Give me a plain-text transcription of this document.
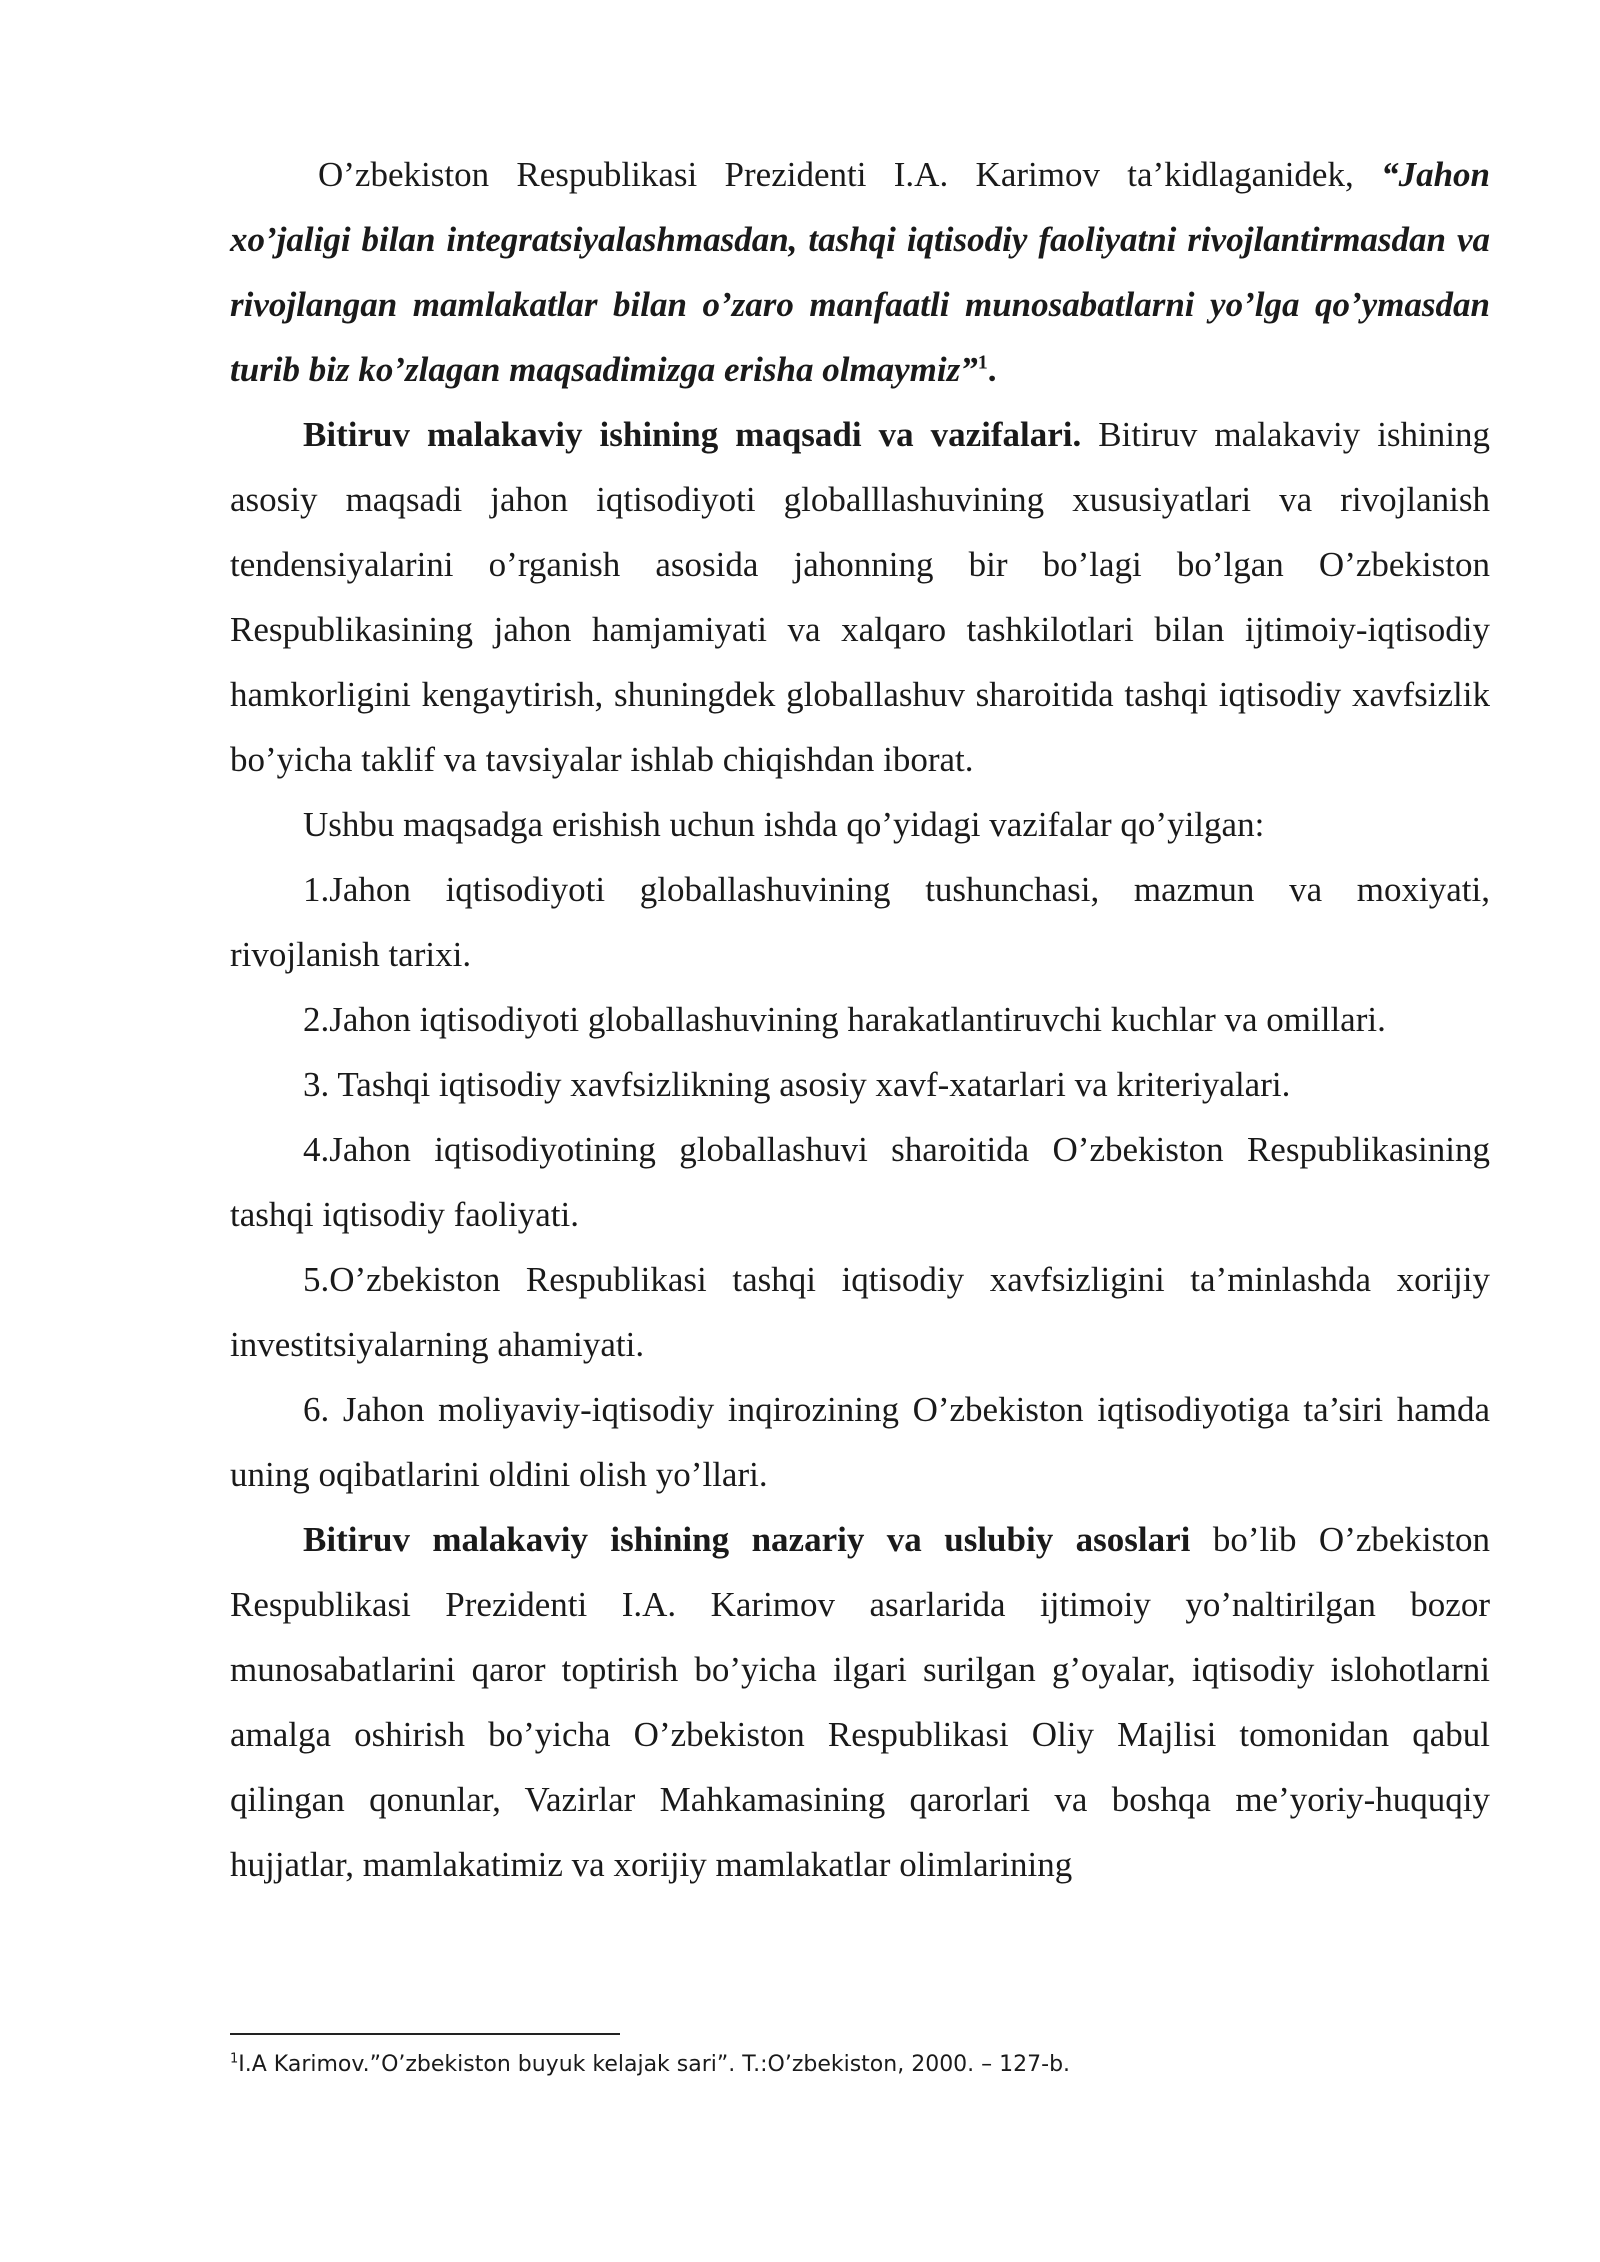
O’zbekiston Respublikasi Prezidenti I.A. Karimov ta’kidlaganidek, “Jahon xo’jaligi bilan integratsiyalashmasdan, tashqi iqtisodiy faoliyatni rivojlantirmasdan va rivojlangan mamlakatlar bilan o’zaro manfaatli munosabatlarni yo’lga qo’ymasdan turib biz ko’zlagan maqsadimizga erisha olmaymiz”$^1$.

Bitiruv malakaviy ishining maqsadi va vazifalari. Bitiruv malakaviy ishining asosiy maqsadi jahon iqtisodiyoti globalllashuvining xususiyatlari va rivojlanish tendensiyalarini o’rganish asosida jahonning bir bo’lagi bo’lgan O’zbekiston Respublikasining jahon hamjamiyati va xalqaro tashkilotlari bilan ijtimoiy-iqtisodiy hamkorligini kengaytirish, shuningdek globallashuv sharoitida tashqi iqtisodiy xavfsizlik bo’yicha taklif va tavsiyalar ishlab chiqishdan iborat.

Ushbu maqsadga erishish uchun ishda qo’yidagi vazifalar qo’yilgan:

1.Jahon iqtisodiyoti globallashuvining tushunchasi, mazmun va moxiyati, rivojlanish tarixi.

2.Jahon iqtisodiyoti globallashuvining harakatlantiruvchi kuchlar va omillari.

3. Tashqi iqtisodiy xavfsizlikning asosiy xavf-xatarlari va kriteriyalari.

4.Jahon iqtisodiyotining globallashuvi sharoitida O’zbekiston Respublikasining tashqi iqtisodiy faoliyati.

5.O’zbekiston Respublikasi tashqi iqtisodiy xavfsizligini ta’minlashda xorijiy investitsiyalarning ahamiyati.

6. Jahon moliyaviy-iqtisodiy inqirozining O’zbekiston iqtisodiyotiga ta’siri hamda uning oqibatlarini oldini olish yo’llari.

Bitiruv malakaviy ishining nazariy va uslubiy asoslari bo’lib O’zbekiston Respublikasi Prezidenti I.A. Karimov asarlarida ijtimoiy yo’naltirilgan bozor munosabatlarini qaror toptirish bo’yicha ilgari surilgan g’oyalar, iqtisodiy islohotlarni amalga oshirish bo’yicha O’zbekiston Respublikasi Oliy Majlisi tomonidan qabul qilingan qonunlar, Vazirlar Mahkamasining qarorlari va boshqa me’yoriy-huquqiy hujjatlar, mamlakatimiz va xorijiy mamlakatlar olimlarining

$^1$I.A Karimov.”O’zbekiston buyuk kelajak sari”. T.:O’zbekiston, 2000. – 127-b.
